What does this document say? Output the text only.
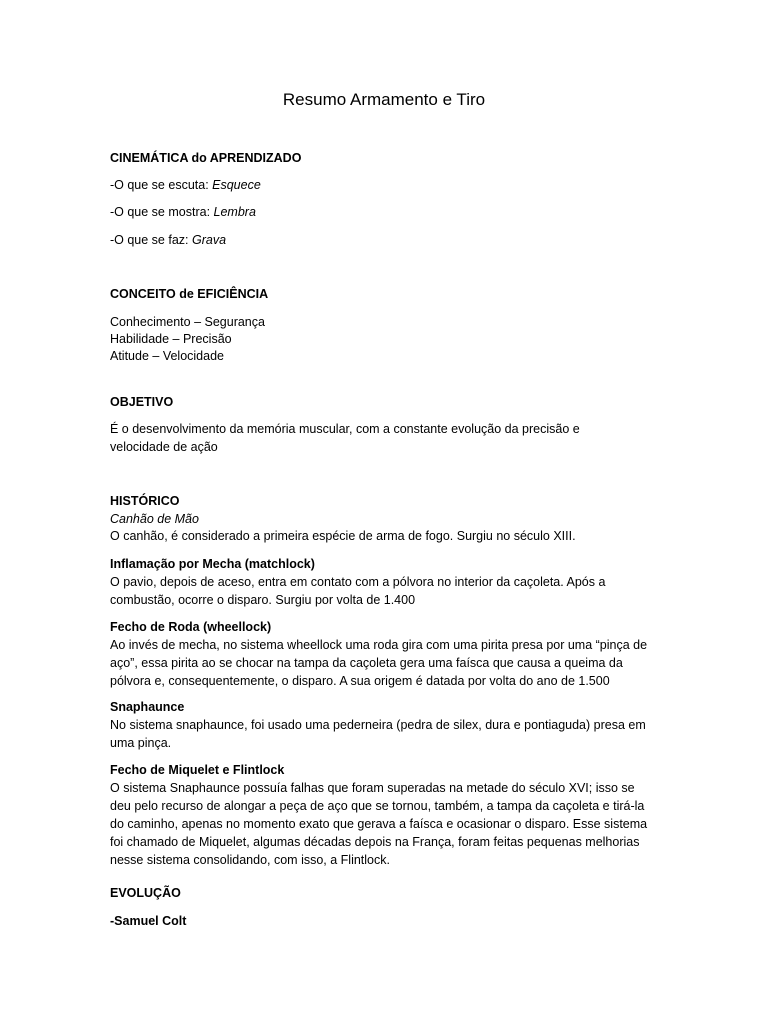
Resumo Armamento e Tiro
CINEMÁTICA do APRENDIZADO
-O que se escuta: Esquece
-O que se mostra: Lembra
-O que se faz: Grava
CONCEITO de EFICIÊNCIA
Conhecimento – Segurança
Habilidade – Precisão
Atitude – Velocidade
OBJETIVO
É o desenvolvimento da memória muscular, com a constante evolução da precisão e velocidade de ação
HISTÓRICO
Canhão de Mão
O canhão, é considerado a primeira espécie de arma de fogo. Surgiu no século XIII.
Inflamação por Mecha (matchlock)
O pavio, depois de aceso, entra em contato com a pólvora no interior da caçoleta. Após a combustão, ocorre o disparo. Surgiu por volta de 1.400
Fecho de Roda (wheellock)
Ao invés de mecha, no sistema wheellock uma roda gira com uma pirita presa por uma “pinça de aço”, essa pirita ao se chocar na tampa da caçoleta gera uma faísca que causa a queima da pólvora e, consequentemente, o disparo. A sua origem é datada por volta do ano de 1.500
Snaphaunce
No sistema snaphaunce, foi usado uma pederneira (pedra de silex, dura e pontiaguda) presa em uma pinça.
Fecho de Miquelet e Flintlock
O sistema Snaphaunce possuía falhas que foram superadas na metade do século XVI; isso se deu pelo recurso de alongar a peça de aço que se tornou, também, a tampa da caçoleta e tirá-la do caminho, apenas no momento exato que gerava a faísca e ocasionar o disparo. Esse sistema foi chamado de Miquelet, algumas décadas depois na França, foram feitas pequenas melhorias nesse sistema consolidando, com isso, a Flintlock.
EVOLUÇÃO
-Samuel Colt
